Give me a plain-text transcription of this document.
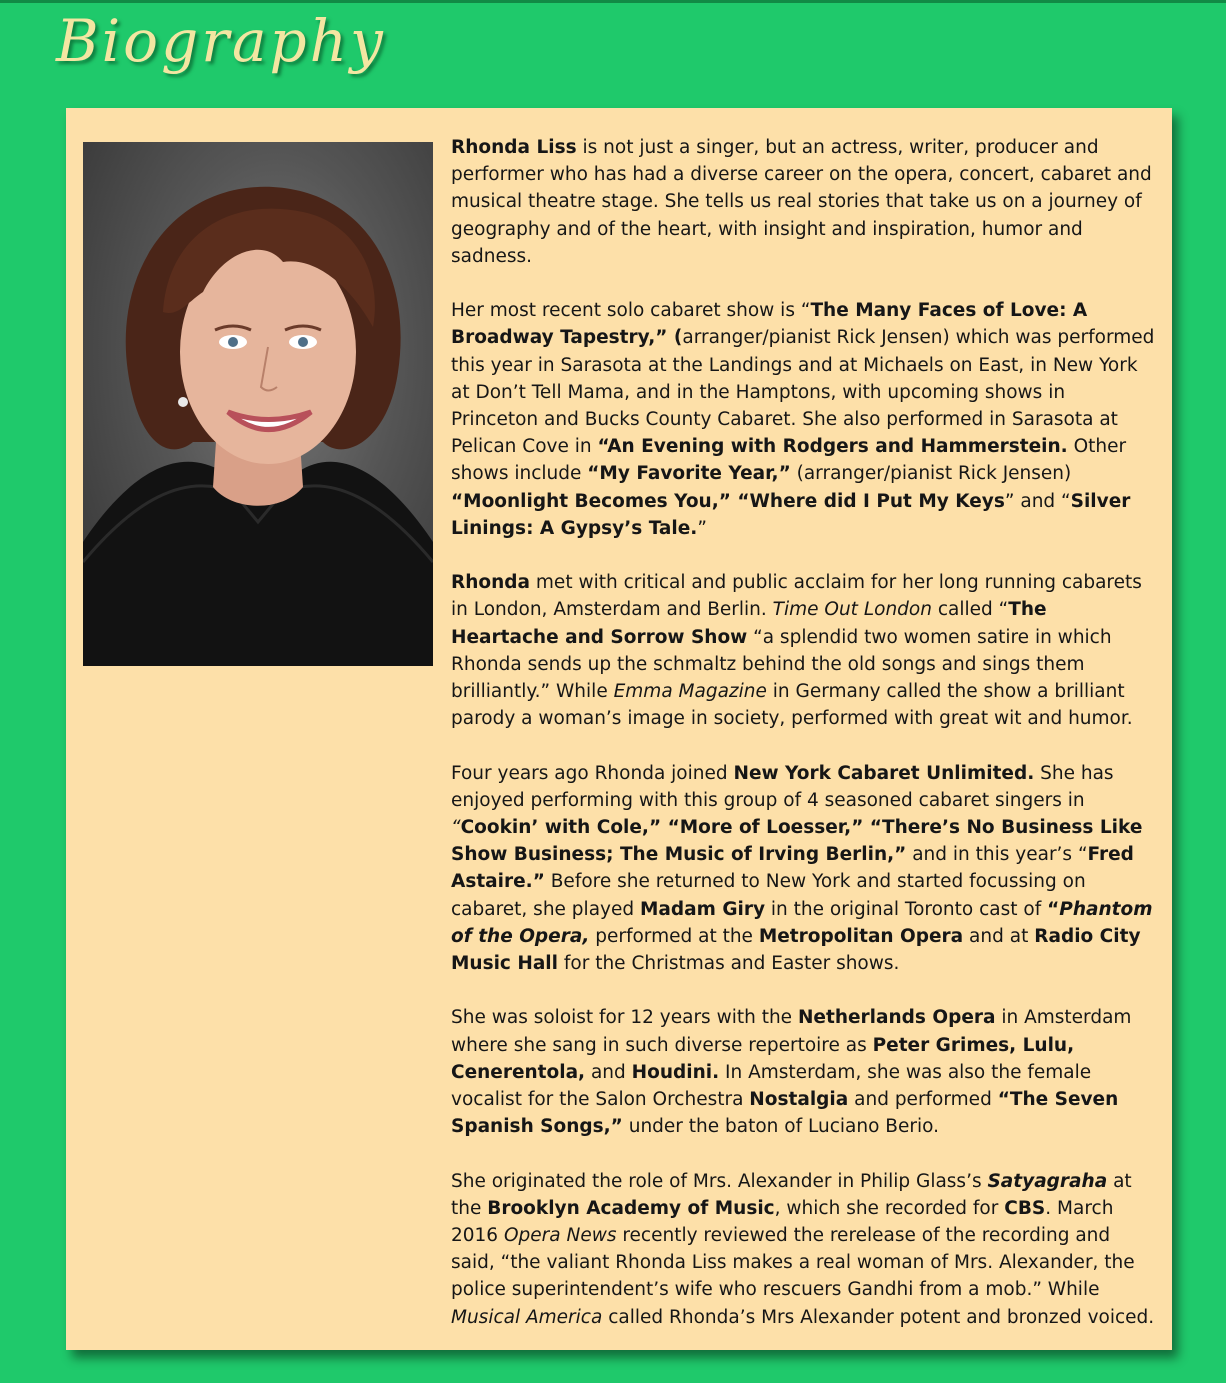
Biography

Rhonda Liss is not just a singer, but an actress, writer, producer and performer who has had a diverse career on the opera, concert, cabaret and musical theatre stage. She tells us real stories that take us on a journey of geography and of the heart, with insight and inspiration, humor and sadness.

Her most recent solo cabaret show is “The Many Faces of Love: A Broadway Tapestry,” (arranger/pianist Rick Jensen) which was performed this year in Sarasota at the Landings and at Michaels on East, in New York at Don’t Tell Mama, and in the Hamptons, with upcoming shows in Princeton and Bucks County Cabaret. She also performed in Sarasota at Pelican Cove in “An Evening with Rodgers and Hammerstein. Other shows include “My Favorite Year,” (arranger/pianist Rick Jensen) “Moonlight Becomes You,” “Where did I Put My Keys” and “Silver Linings: A Gypsy’s Tale.”

Rhonda met with critical and public acclaim for her long running cabarets in London, Amsterdam and Berlin. Time Out London called “The Heartache and Sorrow Show “a splendid two women satire in which Rhonda sends up the schmaltz behind the old songs and sings them brilliantly.” While Emma Magazine in Germany called the show a brilliant parody a woman’s image in society, performed with great wit and humor.

Four years ago Rhonda joined New York Cabaret Unlimited. She has enjoyed performing with this group of 4 seasoned cabaret singers in “Cookin’ with Cole,” “More of Loesser,” “There’s No Business Like Show Business; The Music of Irving Berlin,” and in this year’s “Fred Astaire.” Before she returned to New York and started focussing on cabaret, she played Madam Giry in the original Toronto cast of “Phantom of the Opera, performed at the Metropolitan Opera and at Radio City Music Hall for the Christmas and Easter shows.

She was soloist for 12 years with the Netherlands Opera in Amsterdam where she sang in such diverse repertoire as Peter Grimes, Lulu, Cenerentola, and Houdini. In Amsterdam, she was also the female vocalist for the Salon Orchestra Nostalgia and performed “The Seven Spanish Songs,” under the baton of Luciano Berio.

She originated the role of Mrs. Alexander in Philip Glass’s Satyagraha at the Brooklyn Academy of Music, which she recorded for CBS. March 2016 Opera News recently reviewed the rerelease of the recording and said, “the valiant Rhonda Liss makes a real woman of Mrs. Alexander, the police superintendent’s wife who rescuers Gandhi from a mob.” While Musical America called Rhonda’s Mrs Alexander potent and bronzed voiced.
